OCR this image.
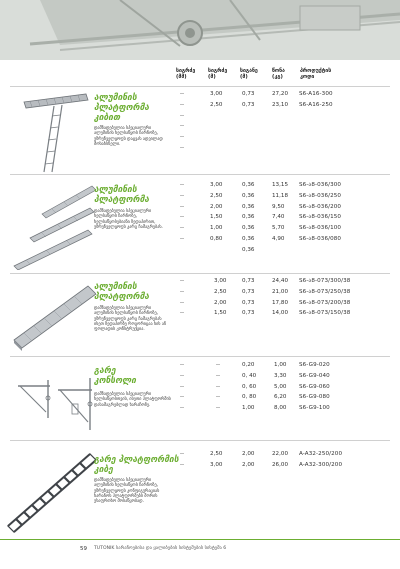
სიგრძე
(მმ)
სიგრძე
(მ)
სიგანე
(მ)
წონა
(კგ)
პროდუქტის
კოდი
ალუმინის
პლატფორმა
კიბით
დამზადებულია სპეციალური ალუმინის ხელსაწყოს ჩარჩოზე, უზრუნველყოფს დაცვას ადვილად მოსახსნელი.
--
--
--
--
--
--
3,00
2,50
0,73
0,73
27,20
23,10
S6-A16-300
S6-A16-250
ალუმინის
პლატფორმა
დამზადებულია სპეციალური ხელსაწყოს ჩარჩოზე, ხელსაწყოსებიანი ზედაპირით, უზრუნველყოფს კარგ ჩამაგრებას.
--
--
--
--
--
--
3,00
2,50
2,00
1,50
1,00
0,80
0,36
0,36
0,36
0,36
0,36
0,36
0,36
13,15
11,18
9,50
7,40
5,70
4,90
S6-ა8-036/300
S6-ა8-036/250
S6-ა8-036/200
S6-ა8-036/150
S6-ა8-036/100
S6-ა8-036/080
ალუმინის
პლატფორმა
დამზადებულია სპეციალური ალუმინის ხელსაწყოს ჩარჩოზე, უზრუნველყოფს კარგ ჩამაგრებას ისეთ ზედაპირზე როგორიცაა ხის ან ფოლადის კონსტრუქცია.
--
--
--
--
3,00
2,50
2,00
1,50
0,73
0,73
0,73
0,73
24,40
21,00
17,80
14,00
S6-ა8-073/300/38
S6-ა8-073/250/38
S6-ა8-073/200/38
S6-ა8-073/150/38
გარე
კონსოლი
დამზადებულია სპეციალური ხელსაწყოსთვის, ისეთი პლატფორმის დასამაგრებლად ხარაჩოზე.
--
--
--
--
--
--
--
--
--
--
0,20
0, 40
0, 60
0, 80
1,00
1,00
3,30
5,00
6,20
8,00
S6-G9-020
S6-G9-040
S6-G9-060
S6-G9-080
S6-G9-100
გარე პლატფორმის
კიბე
დამზადებულია სპეციალური ალუმინის ხელსაწყოს ჩარჩოზე, უზრუნველყოფს კონფიგურაციას ხარაჩოს პლატფორმებს შორის უსაფრთხო მოსაწყობად.
--
--
2,50
3,00
2,00
2,00
22,00
26,00
A-A32-250/200
A-A32-300/200
59 TUTONIK სარაჩოებისა და ყალიბების სისტემების სისტემა 6
